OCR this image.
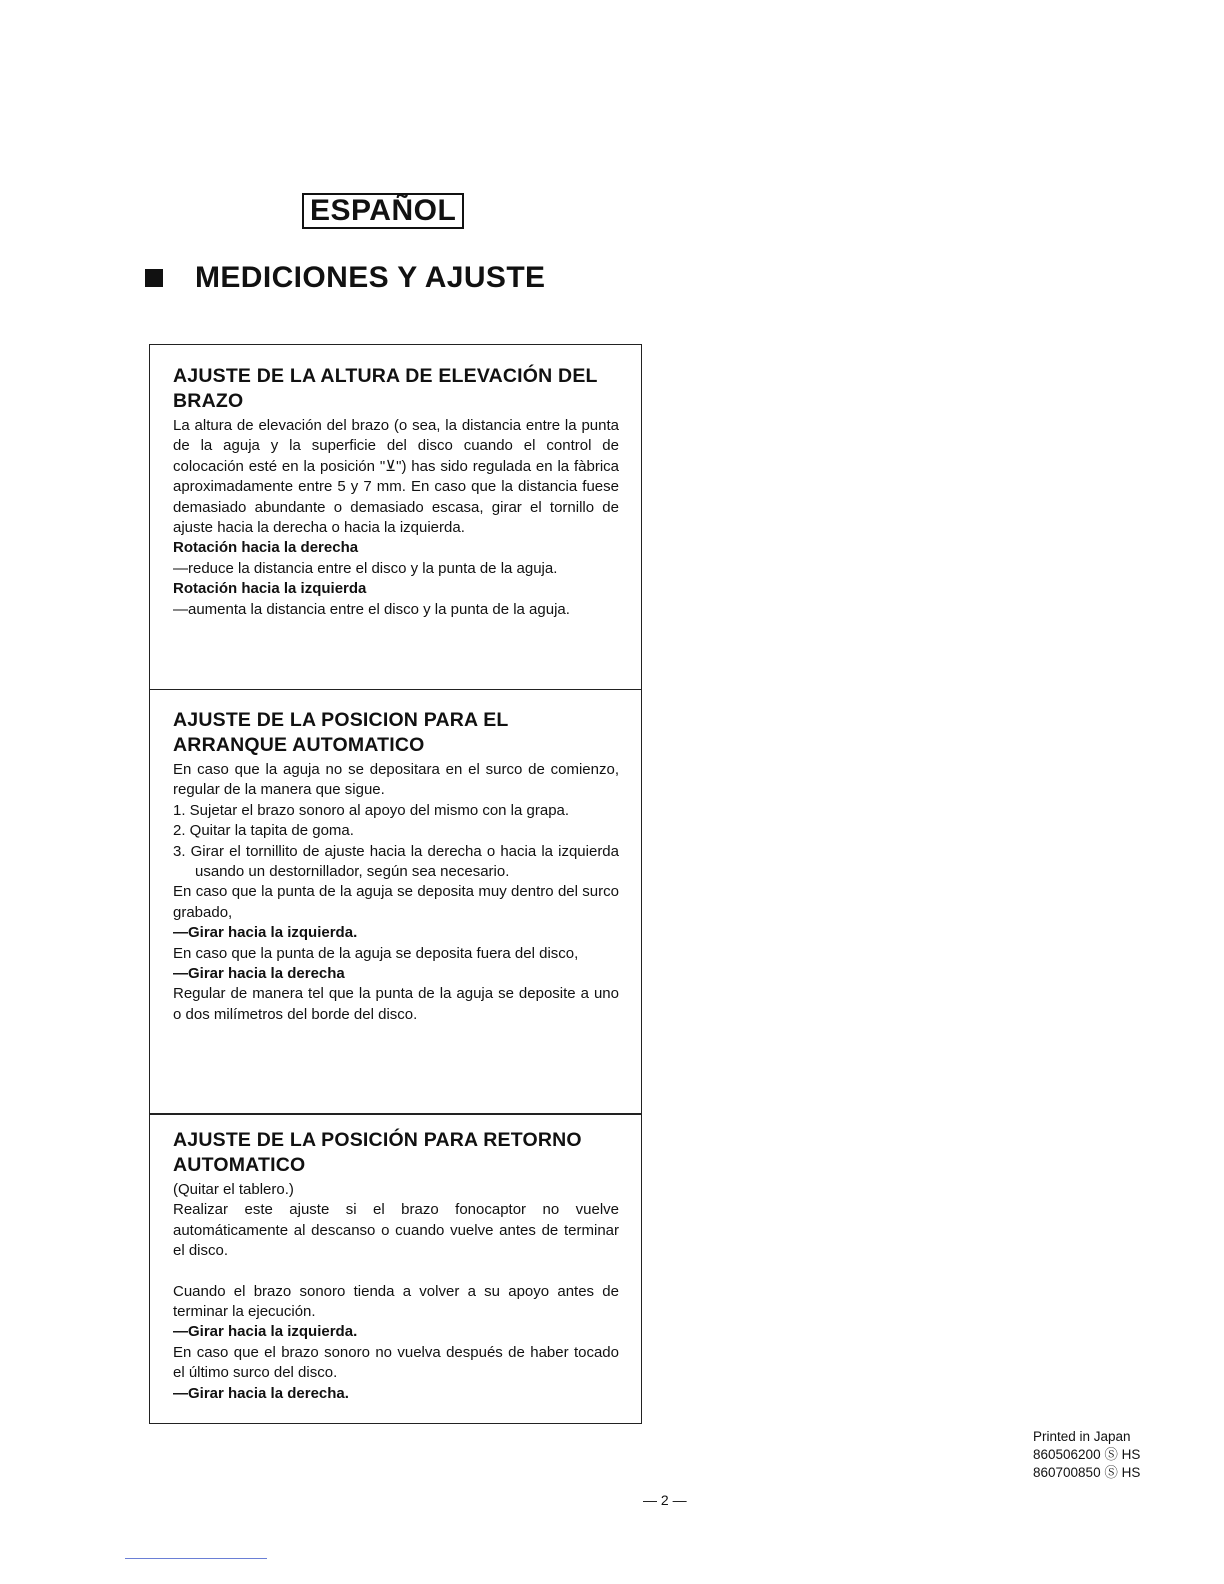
ESPAÑOL
MEDICIONES Y AJUSTE
AJUSTE DE LA ALTURA DE ELEVACIÓN DEL BRAZO

La altura de elevación del brazo (o sea, la distancia entre la punta de la aguja y la superficie del disco cuando el control de colocación esté en la posición "⊻") has sido regulada en la fàbrica aproximadamente entre 5 y 7 mm. En caso que la distancia fuese demasiado abundante o demasiado escasa, girar el tornillo de ajuste hacia la derecha o hacia la izquierda.

Rotación hacia la derecha

—reduce la distancia entre el disco y la punta de la aguja.

Rotación hacia la izquierda

—aumenta la distancia entre el disco y la punta de la aguja.

AJUSTE DE LA POSICION PARA EL ARRANQUE AUTOMATICO

En caso que la aguja no se depositara en el surco de comienzo, regular de la manera que sigue.

1. Sujetar el brazo sonoro al apoyo del mismo con la grapa.
2. Quitar la tapita de goma.
3. Girar el tornillito de ajuste hacia la derecha o hacia la izquierda usando un destornillador, según sea necesario.

En caso que la punta de la aguja se deposita muy dentro del surco grabado,

—Girar hacia la izquierda.

En caso que la punta de la aguja se deposita fuera del disco,

—Girar hacia la derecha

Regular de manera tel que la punta de la aguja se deposite a uno o dos milímetros del borde del disco.

AJUSTE DE LA POSICIÓN PARA RETORNO AUTOMATICO

(Quitar el tablero.)

Realizar este ajuste si el brazo fonocaptor no vuelve automáticamente al descanso o cuando vuelve antes de terminar el disco.

Cuando el brazo sonoro tienda a volver a su apoyo antes de terminar la ejecución.

—Girar hacia la izquierda.

En caso que el brazo sonoro no vuelva después de haber tocado el último surco del disco.

—Girar hacia la derecha.

Printed in Japan
860506200 Ⓢ HS
860700850 Ⓢ HS
— 2 —
